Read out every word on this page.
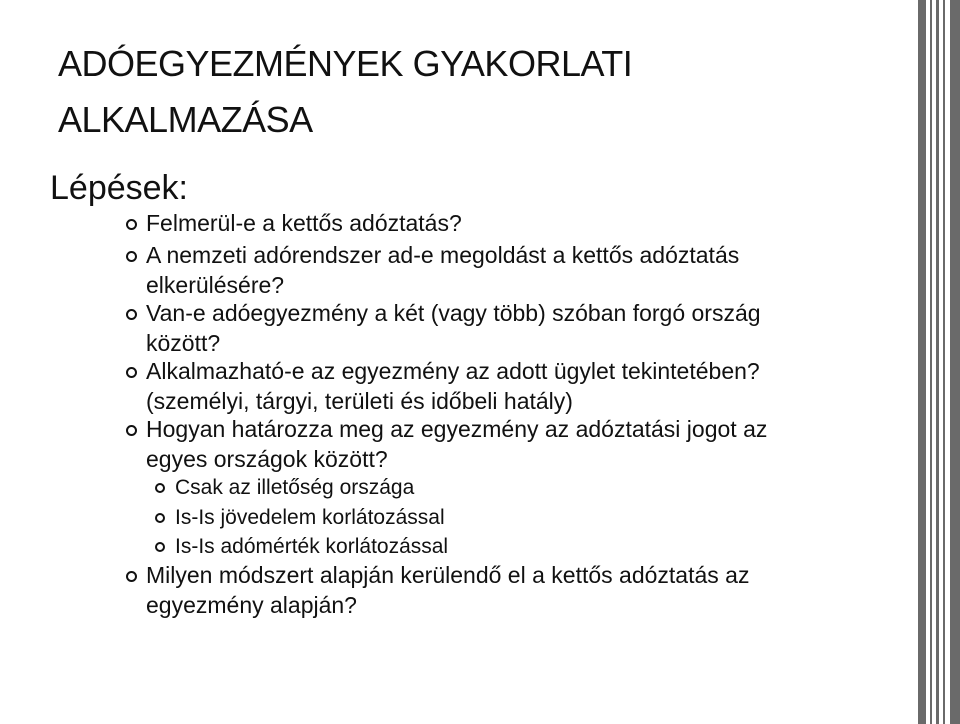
ADÓEGYEZMÉNYEK GYAKORLATI
ALKALMAZÁSA
Lépések:
Felmerül-e a kettős adóztatás?
A nemzeti adórendszer ad-e megoldást a kettős adóztatás
elkerülésére?
Van-e adóegyezmény a két (vagy több) szóban forgó ország
között?
Alkalmazható-e az egyezmény az adott ügylet tekintetében?
(személyi, tárgyi, területi és időbeli hatály)
Hogyan határozza meg az egyezmény az adóztatási jogot az
egyes országok között?
Csak az illetőség országa
Is-Is jövedelem korlátozással
Is-Is adómérték korlátozással
Milyen módszert alapján kerülendő el a kettős adóztatás az
egyezmény alapján?
